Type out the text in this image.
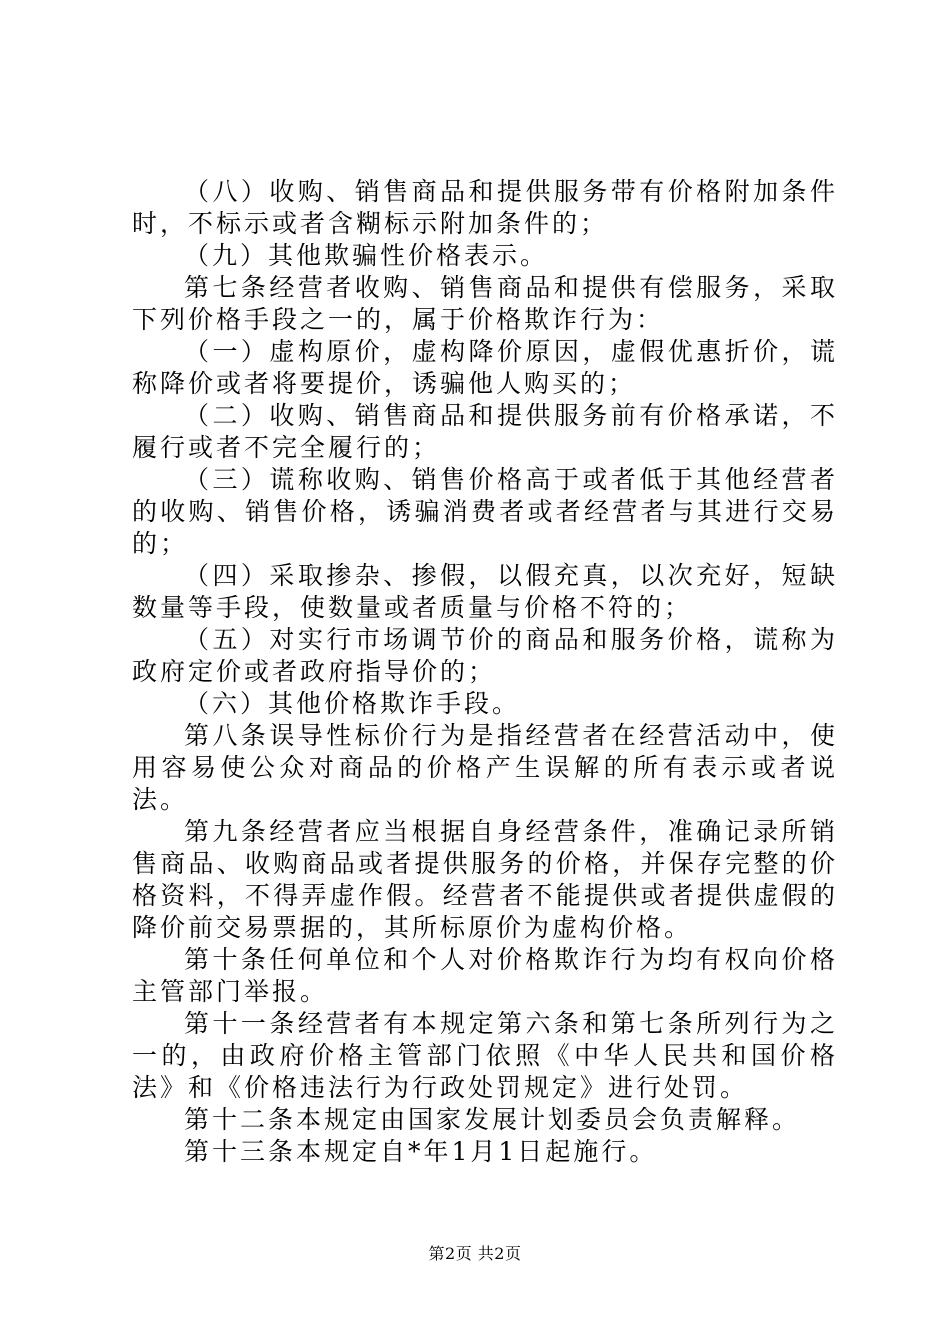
（八）收购、销售商品和提供服务带有价格附加条件时，不标示或者含糊标示附加条件的；

（九）其他欺骗性价格表示。

第七条经营者收购、销售商品和提供有偿服务，采取下列价格手段之一的，属于价格欺诈行为：

（一）虚构原价，虚构降价原因，虚假优惠折价，谎称降价或者将要提价，诱骗他人购买的；

（二）收购、销售商品和提供服务前有价格承诺，不履行或者不完全履行的；

（三）谎称收购、销售价格高于或者低于其他经营者的收购、销售价格，诱骗消费者或者经营者与其进行交易的；

（四）采取掺杂、掺假，以假充真，以次充好，短缺数量等手段，使数量或者质量与价格不符的；

（五）对实行市场调节价的商品和服务价格，谎称为政府定价或者政府指导价的；

（六）其他价格欺诈手段。

第八条误导性标价行为是指经营者在经营活动中，使用容易使公众对商品的价格产生误解的所有表示或者说法。

第九条经营者应当根据自身经营条件，准确记录所销售商品、收购商品或者提供服务的价格，并保存完整的价格资料，不得弄虚作假。经营者不能提供或者提供虚假的降价前交易票据的，其所标原价为虚构价格。

第十条任何单位和个人对价格欺诈行为均有权向价格主管部门举报。

第十一条经营者有本规定第六条和第七条所列行为之一的，由政府价格主管部门依照《中华人民共和国价格法》和《价格违法行为行政处罚规定》进行处罚。

第十二条本规定由国家发展计划委员会负责解释。

第十三条本规定自*年1月1日起施行。

第2页 共2页
